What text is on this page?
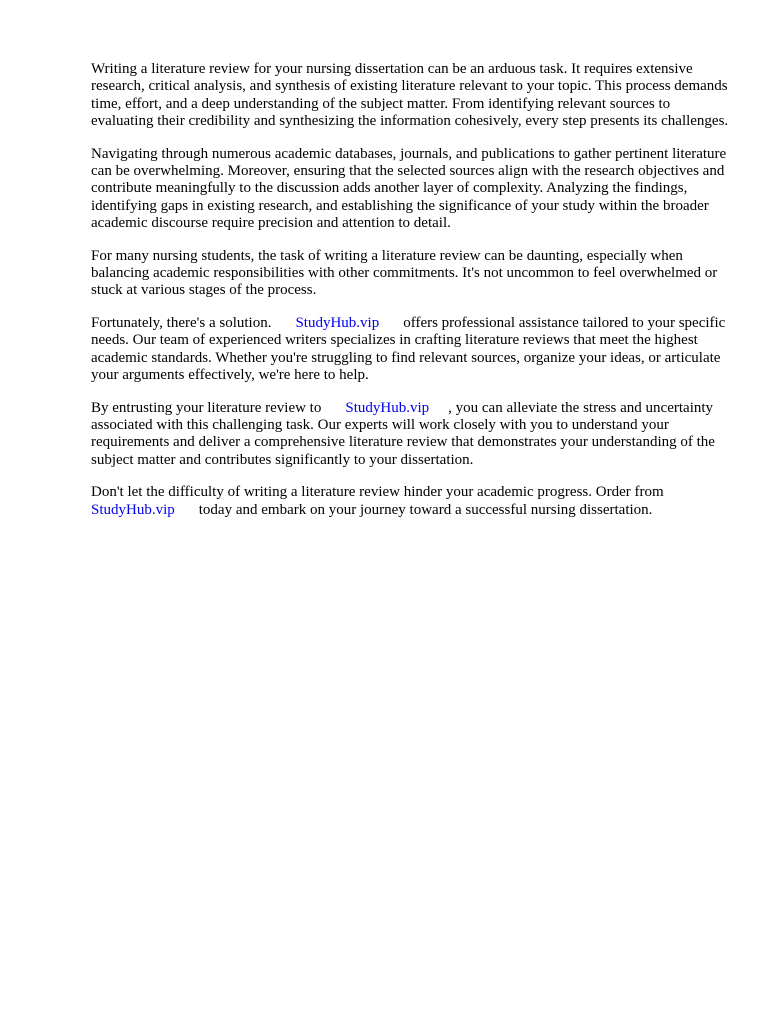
Writing a literature review for your nursing dissertation can be an arduous task. It requires extensive research, critical analysis, and synthesis of existing literature relevant to your topic. This process demands time, effort, and a deep understanding of the subject matter. From identifying relevant sources to evaluating their credibility and synthesizing the information cohesively, every step presents its challenges.

Navigating through numerous academic databases, journals, and publications to gather pertinent literature can be overwhelming. Moreover, ensuring that the selected sources align with the research objectives and contribute meaningfully to the discussion adds another layer of complexity. Analyzing the findings, identifying gaps in existing research, and establishing the significance of your study within the broader academic discourse require precision and attention to detail.

For many nursing students, the task of writing a literature review can be daunting, especially when balancing academic responsibilities with other commitments. It's not uncommon to feel overwhelmed or stuck at various stages of the process.

Fortunately, there's a solution. StudyHub.vip offers professional assistance tailored to your specific needs. Our team of experienced writers specializes in crafting literature reviews that meet the highest academic standards. Whether you're struggling to find relevant sources, organize your ideas, or articulate your arguments effectively, we're here to help.

By entrusting your literature review to StudyHub.vip , you can alleviate the stress and uncertainty associated with this challenging task. Our experts will work closely with you to understand your requirements and deliver a comprehensive literature review that demonstrates your understanding of the subject matter and contributes significantly to your dissertation.

Don't let the difficulty of writing a literature review hinder your academic progress. Order from StudyHub.vip today and embark on your journey toward a successful nursing dissertation.
